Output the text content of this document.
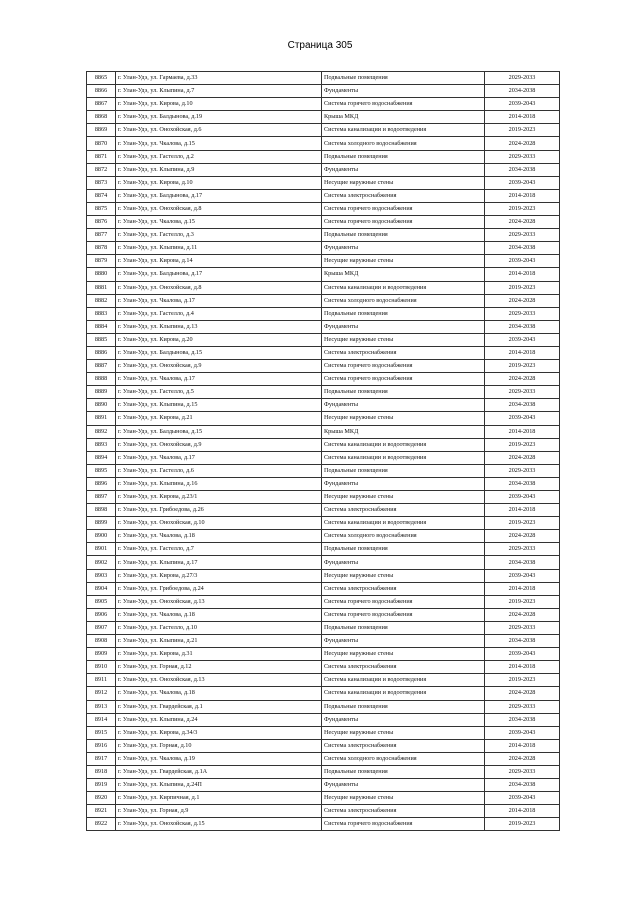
Страница 305
8865	г. Улан-Удэ, ул. Гармаева, д.33	Подвальные помещения	2029-2033
8866	г. Улан-Удэ, ул. Клыпина, д.7	Фундаменты	2034-2038
8867	г. Улан-Удэ, ул. Кирова, д.10	Система горячего водоснабжения	2039-2043
8868	г. Улан-Удэ, ул. Балдынова, д.19	Крыша МКД	2014-2018
8869	г. Улан-Удэ, ул. Онохойская, д.6	Система канализации и водоотведения	2019-2023
8870	г. Улан-Удэ, ул. Чкалова, д.15	Система холодного водоснабжения	2024-2028
8871	г. Улан-Удэ, ул. Гастелло, д.2	Подвальные помещения	2029-2033
8872	г. Улан-Удэ, ул. Клыпина, д.9	Фундаменты	2034-2038
8873	г. Улан-Удэ, ул. Кирова, д.10	Несущие наружные стены	2039-2043
8874	г. Улан-Удэ, ул. Балдынова, д.17	Система электроснабжения	2014-2018
8875	г. Улан-Удэ, ул. Онохойская, д.8	Система горячего водоснабжения	2019-2023
8876	г. Улан-Удэ, ул. Чкалова, д.15	Система горячего водоснабжения	2024-2028
8877	г. Улан-Удэ, ул. Гастелло, д.3	Подвальные помещения	2029-2033
8878	г. Улан-Удэ, ул. Клыпина, д.11	Фундаменты	2034-2038
8879	г. Улан-Удэ, ул. Кирова, д.14	Несущие наружные стены	2039-2043
8880	г. Улан-Удэ, ул. Балдынова, д.17	Крыша МКД	2014-2018
8881	г. Улан-Удэ, ул. Онохойская, д.8	Система канализации и водоотведения	2019-2023
8882	г. Улан-Удэ, ул. Чкалова, д.17	Система холодного водоснабжения	2024-2028
8883	г. Улан-Удэ, ул. Гастелло, д.4	Подвальные помещения	2029-2033
8884	г. Улан-Удэ, ул. Клыпина, д.13	Фундаменты	2034-2038
8885	г. Улан-Удэ, ул. Кирова, д.20	Несущие наружные стены	2039-2043
8886	г. Улан-Удэ, ул. Балдынова, д.15	Система электроснабжения	2014-2018
8887	г. Улан-Удэ, ул. Онохойская, д.9	Система горячего водоснабжения	2019-2023
8888	г. Улан-Удэ, ул. Чкалова, д.17	Система горячего водоснабжения	2024-2028
8889	г. Улан-Удэ, ул. Гастелло, д.5	Подвальные помещения	2029-2033
8890	г. Улан-Удэ, ул. Клыпина, д.15	Фундаменты	2034-2038
8891	г. Улан-Удэ, ул. Кирова, д.21	Несущие наружные стены	2039-2043
8892	г. Улан-Удэ, ул. Балдынова, д.15	Крыша МКД	2014-2018
8893	г. Улан-Удэ, ул. Онохойская, д.9	Система канализации и водоотведения	2019-2023
8894	г. Улан-Удэ, ул. Чкалова, д.17	Система канализации и водоотведения	2024-2028
8895	г. Улан-Удэ, ул. Гастелло, д.6	Подвальные помещения	2029-2033
8896	г. Улан-Удэ, ул. Клыпина, д.16	Фундаменты	2034-2038
8897	г. Улан-Удэ, ул. Кирова, д.23/1	Несущие наружные стены	2039-2043
8898	г. Улан-Удэ, ул. Грибоедова, д.26	Система электроснабжения	2014-2018
8899	г. Улан-Удэ, ул. Онохойская, д.10	Система канализации и водоотведения	2019-2023
8900	г. Улан-Удэ, ул. Чкалова, д.18	Система холодного водоснабжения	2024-2028
8901	г. Улан-Удэ, ул. Гастелло, д.7	Подвальные помещения	2029-2033
8902	г. Улан-Удэ, ул. Клыпина, д.17	Фундаменты	2034-2038
8903	г. Улан-Удэ, ул. Кирова, д.27/3	Несущие наружные стены	2039-2043
8904	г. Улан-Удэ, ул. Грибоедова, д.24	Система электроснабжения	2014-2018
8905	г. Улан-Удэ, ул. Онохойская, д.13	Система горячего водоснабжения	2019-2023
8906	г. Улан-Удэ, ул. Чкалова, д.18	Система горячего водоснабжения	2024-2028
8907	г. Улан-Удэ, ул. Гастелло, д.10	Подвальные помещения	2029-2033
8908	г. Улан-Удэ, ул. Клыпина, д.21	Фундаменты	2034-2038
8909	г. Улан-Удэ, ул. Кирова, д.31	Несущие наружные стены	2039-2043
8910	г. Улан-Удэ, ул. Горная, д.12	Система электроснабжения	2014-2018
8911	г. Улан-Удэ, ул. Онохойская, д.13	Система канализации и водоотведения	2019-2023
8912	г. Улан-Удэ, ул. Чкалова, д.18	Система канализации и водоотведения	2024-2028
8913	г. Улан-Удэ, ул. Гвардейская, д.1	Подвальные помещения	2029-2033
8914	г. Улан-Удэ, ул. Клыпина, д.24	Фундаменты	2034-2038
8915	г. Улан-Удэ, ул. Кирова, д.34/3	Несущие наружные стены	2039-2043
8916	г. Улан-Удэ, ул. Горная, д.10	Система электроснабжения	2014-2018
8917	г. Улан-Удэ, ул. Чкалова, д.19	Система холодного водоснабжения	2024-2028
8918	г. Улан-Удэ, ул. Гвардейская, д.1А	Подвальные помещения	2029-2033
8919	г. Улан-Удэ, ул. Клыпина, д.24П	Фундаменты	2034-2038
8920	г. Улан-Удэ, ул. Кирпичная, д.1	Несущие наружные стены	2039-2043
8921	г. Улан-Удэ, ул. Горная, д.9	Система электроснабжения	2014-2018
8922	г. Улан-Удэ, ул. Онохойская, д.15	Система горячего водоснабжения	2019-2023
